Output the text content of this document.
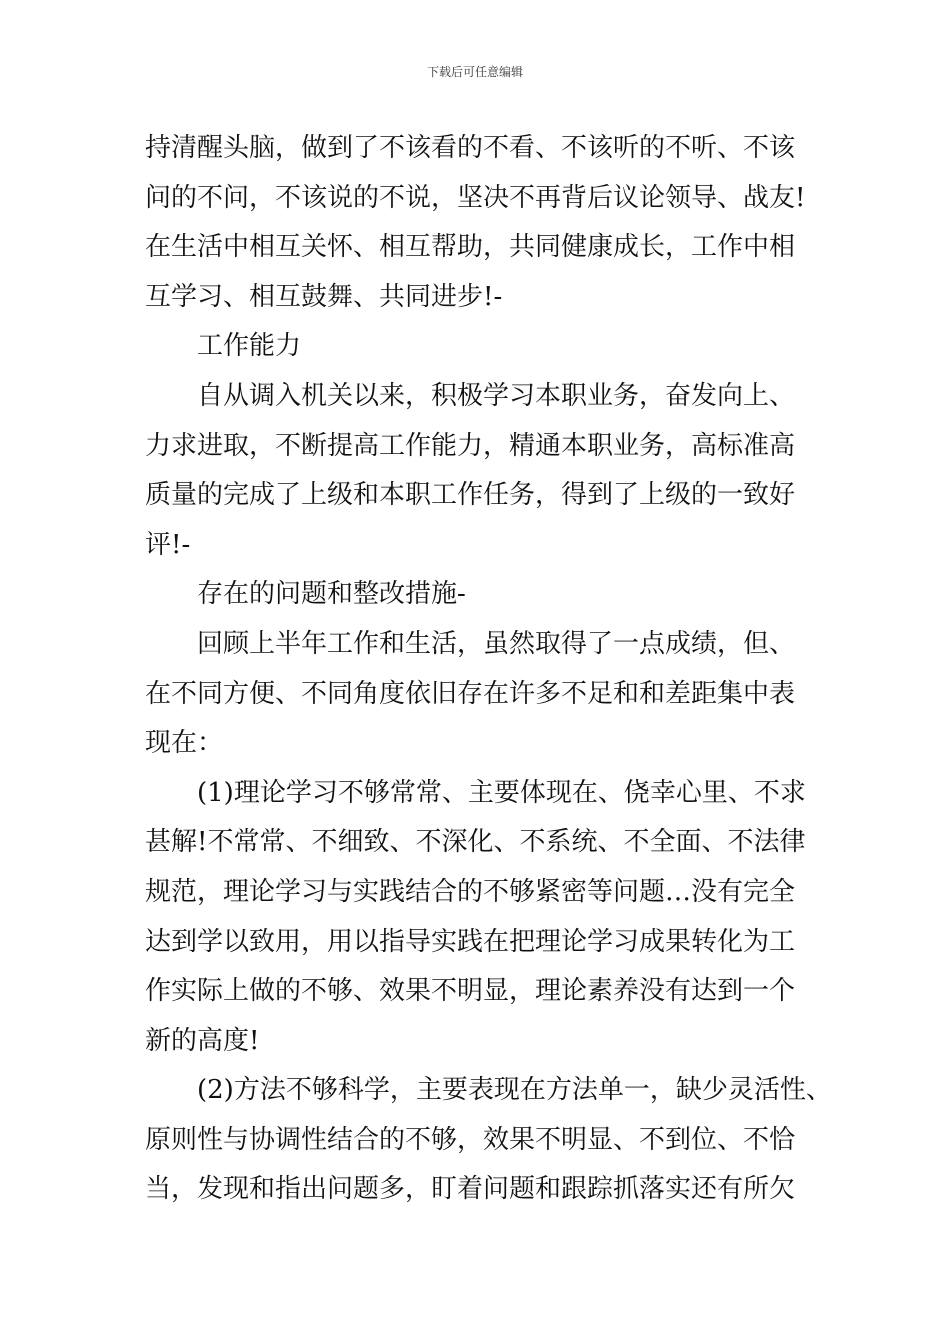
下载后可任意编辑
持清醒头脑，做到了不该看的不看、不该听的不听、不该
问的不问，不该说的不说，坚决不再背后议论领导、战友!
在生活中相互关怀、相互帮助，共同健康成长，工作中相
互学习、相互鼓舞、共同进步!-
工作能力
自从调入机关以来，积极学习本职业务，奋发向上、
力求进取，不断提高工作能力，精通本职业务，高标准高
质量的完成了上级和本职工作任务，得到了上级的一致好
评!-
存在的问题和整改措施-
回顾上半年工作和生活，虽然取得了一点成绩，但、
在不同方便、不同角度依旧存在许多不足和和差距集中表
现在：
(1)理论学习不够常常、主要体现在、侥幸心里、不求
甚解!不常常、不细致、不深化、不系统、不全面、不法律
规范，理论学习与实践结合的不够紧密等问题…没有完全
达到学以致用，用以指导实践在把理论学习成果转化为工
作实际上做的不够、效果不明显，理论素养没有达到一个
新的高度!
(2)方法不够科学，主要表现在方法单一，缺少灵活性、
原则性与协调性结合的不够，效果不明显、不到位、不恰
当，发现和指出问题多，盯着问题和跟踪抓落实还有所欠
